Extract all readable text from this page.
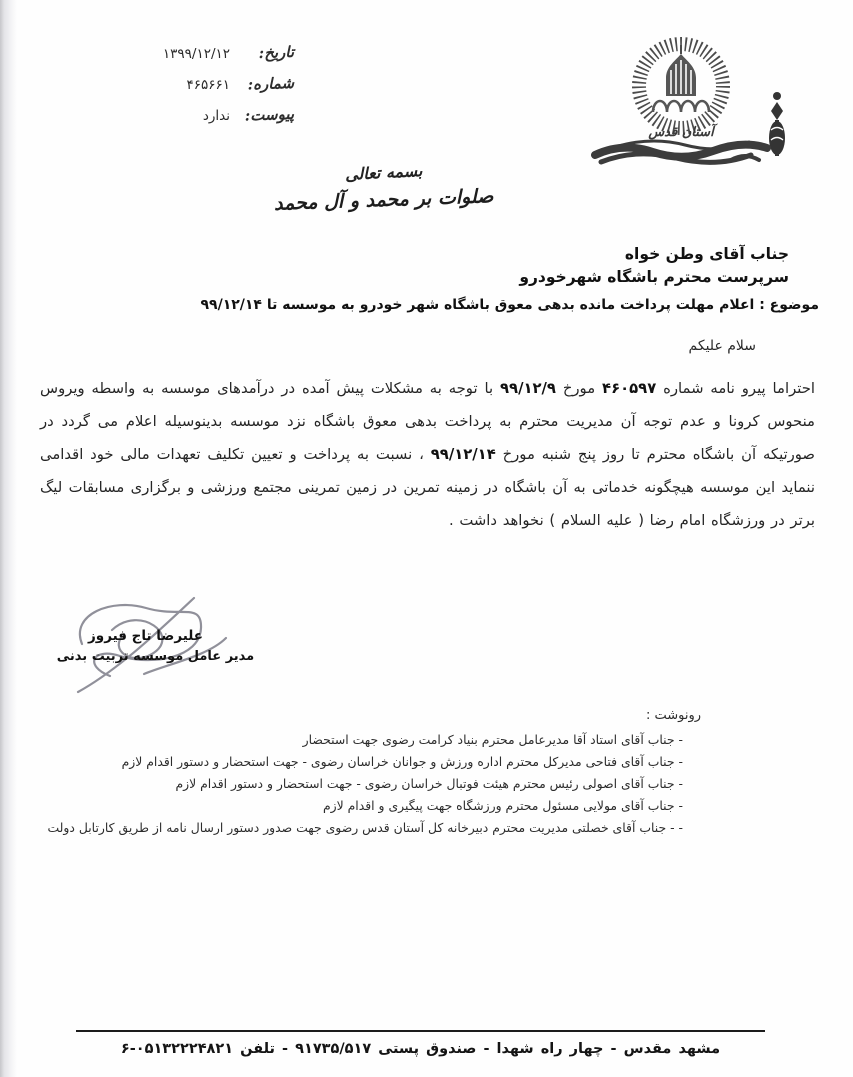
تاریخ:
۱۳۹۹/۱۲/۱۲
شماره:
۴۶۵۶۶۱
پیوست:
ندارد
آستان قدس
بسمه تعالی
صلوات بر محمد و آل محمد
جناب آقای وطن خواه
سرپرست محترم باشگاه شهرخودرو
موضوع : اعلام مهلت پرداخت مانده بدهی معوق باشگاه شهر خودرو به موسسه تا ۹۹/۱۲/۱۴
سلام علیکم
احتراما پیرو نامه شماره ۴۶۰۵۹۷ مورخ ۹۹/۱۲/۹ با توجه به مشکلات پیش آمده در درآمدهای موسسه به واسطه ویروس منحوس کرونا و عدم توجه آن مدیریت محترم به پرداخت بدهی معوق باشگاه نزد موسسه بدینوسیله اعلام می گردد در صورتیکه آن باشگاه محترم تا روز پنج شنبه مورخ ۹۹/۱۲/۱۴ ، نسبت به پرداخت و تعیین تکلیف تعهدات مالی خود اقدامی ننماید این موسسه هیچگونه خدماتی به آن باشگاه در زمینه تمرین در زمین تمرینی مجتمع ورزشی و برگزاری مسابقات لیگ برتر در ورزشگاه امام رضا ( علیه السلام ) نخواهد داشت .
علیرضا تاج فیروز
مدیر عامل موسسه تربیت بدنی
رونوشت :
- جناب آقای استاد آقا مدیرعامل محترم بنیاد کرامت رضوی جهت استحضار
- جناب آقای فتاحی مدیرکل محترم اداره ورزش و جوانان خراسان رضوی - جهت استحضار و دستور اقدام لازم
- جناب آقای اصولی رئیس محترم هیئت فوتبال خراسان رضوی - جهت استحضار و دستور اقدام لازم
- جناب آقای مولایی مسئول محترم ورزشگاه جهت پیگیری و اقدام لازم
- - جناب آقای خصلتی مدیریت محترم دبیرخانه کل آستان قدس رضوی جهت صدور دستور ارسال نامه از طریق کارتابل دولت
مشهد مقدس - چهار راه شهدا - صندوق پستی ۹۱۷۳۵/۵۱۷ - تلفن ۰۵۱۳۲۲۲۴۸۲۱-۶
